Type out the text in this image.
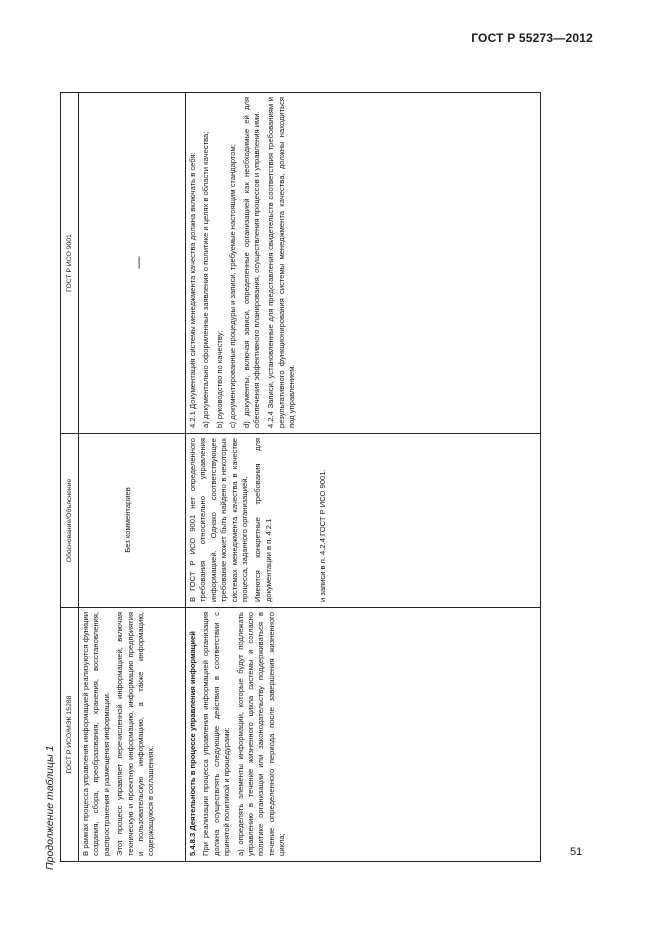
ГОСТ Р 55273—2012
Продолжение таблицы 1	51
ГОСТ Р ИСО/МЭК 15288
Обоснование/Объяснение
ГОСТ Р ИСО 9001

В рамках процесса управления информацией реализуются функции создания, сбора, преобразования, хранения, восстановления, распространения и размещения информации. Этот процесс управляет перечисленной информацией, включая техническую и проектную информацию, информацию предприятия и пользовательскую информацию, а также информацию, содержащуюся в соглашениях.

Без комментариев

—

5.4.8.3 Деятельность в процессе управления информацией При реализации процесса управления информацией организация должна осуществлять следующие действия в соответствии с принятой политикой и процедурами: а) определять элементы информации, которые будут подлежать управлению в течение жизненного цикла системы и согласно политике организации или законодательству поддерживаться в течение определенного периода после завершения жизненного цикла;

В ГОСТ Р ИСО 9001 нет определенного требования относительно управления информацией. Однако соответствующее требование может быть найдено в некоторых системах менеджмента качества в качестве процесса, заданного организацией. Имеются конкретные требования для документации в п. 4.2.1	и записи в п. 4.2.4 ГОСТ Р ИСО 9001.

4.2.1 Документация системы менеджмента качества должна включать в себя: а) документально оформленные заявления о политике и целях в области качества; b) руководство по качеству; c) документированные процедуры и записи, требуемые настоящим стандартом; d) документы, включая записи, определенные организацией как необходимые ей для обеспечения эффективного планирования, осуществления процессов и управления ими. 4.2.4 Записи, установленные для представления свидетельств соответствия требованиям и результативного функционирования системы менеджмента качества, должны находиться под управлением.
